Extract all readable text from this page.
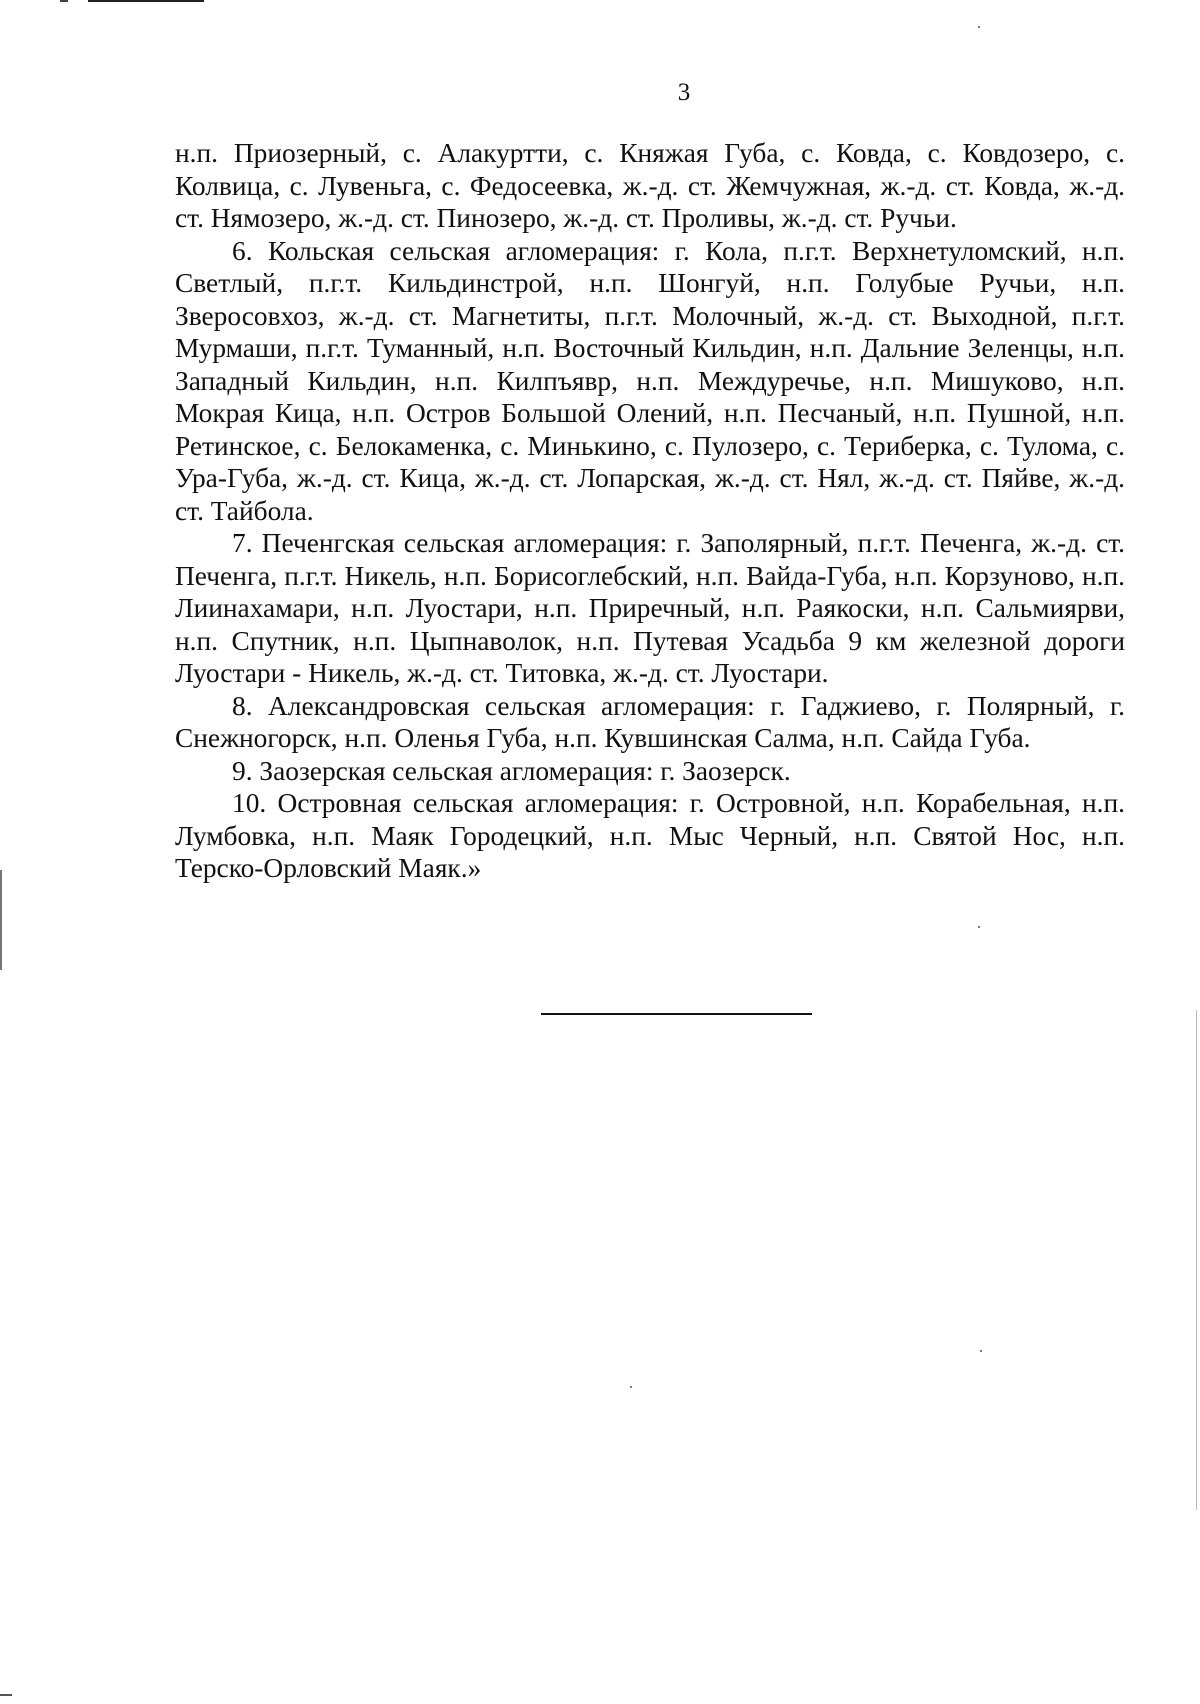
3

н.п. Приозерный, с. Алакуртти, с. Княжая Губа, с. Ковда, с. Ковдозеро, с. Колвица, с. Лувеньга, с. Федосеевка, ж.-д. ст. Жемчужная, ж.-д. ст. Ковда, ж.-д. ст. Нямозеро, ж.-д. ст. Пинозеро, ж.-д. ст. Проливы, ж.-д. ст. Ручьи.

6. Кольская сельская агломерация: г. Кола, п.г.т. Верхнетуломский, н.п. Светлый, п.г.т. Кильдинстрой, н.п. Шонгуй, н.п. Голубые Ручьи, н.п. Зверосовхоз, ж.-д. ст. Магнетиты, п.г.т. Молочный, ж.-д. ст. Выходной, п.г.т. Мурмаши, п.г.т. Туманный, н.п. Восточный Кильдин, н.п. Дальние Зеленцы, н.п. Западный Кильдин, н.п. Килпъявр, н.п. Междуречье, н.п. Мишуково, н.п. Мокрая Кица, н.п. Остров Большой Олений, н.п. Песчаный, н.п. Пушной, н.п. Ретинское, с. Белокаменка, с. Минькино, с. Пулозеро, с. Териберка, с. Тулома, с. Ура-Губа, ж.-д. ст. Кица, ж.-д. ст. Лопарская, ж.-д. ст. Нял, ж.-д. ст. Пяйве, ж.-д. ст. Тайбола.

7. Печенгская сельская агломерация: г. Заполярный, п.г.т. Печенга, ж.-д. ст. Печенга, п.г.т. Никель, н.п. Борисоглебский, н.п. Вайда-Губа, н.п. Корзуново, н.п. Лиинахамари, н.п. Луостари, н.п. Приречный, н.п. Раякоски, н.п. Сальмиярви, н.п. Спутник, н.п. Цыпнаволок, н.п. Путевая Усадьба 9 км железной дороги Луостари - Никель, ж.-д. ст. Титовка, ж.-д. ст. Луостари.

8. Александровская сельская агломерация: г. Гаджиево, г. Полярный, г. Снежногорск, н.п. Оленья Губа, н.п. Кувшинская Салма, н.п. Сайда Губа.

9. Заозерская сельская агломерация: г. Заозерск.

10. Островная сельская агломерация: г. Островной, н.п. Корабельная, н.п. Лумбовка, н.п. Маяк Городецкий, н.п. Мыс Черный, н.п. Святой Нос, н.п. Терско-Орловский Маяк.»
